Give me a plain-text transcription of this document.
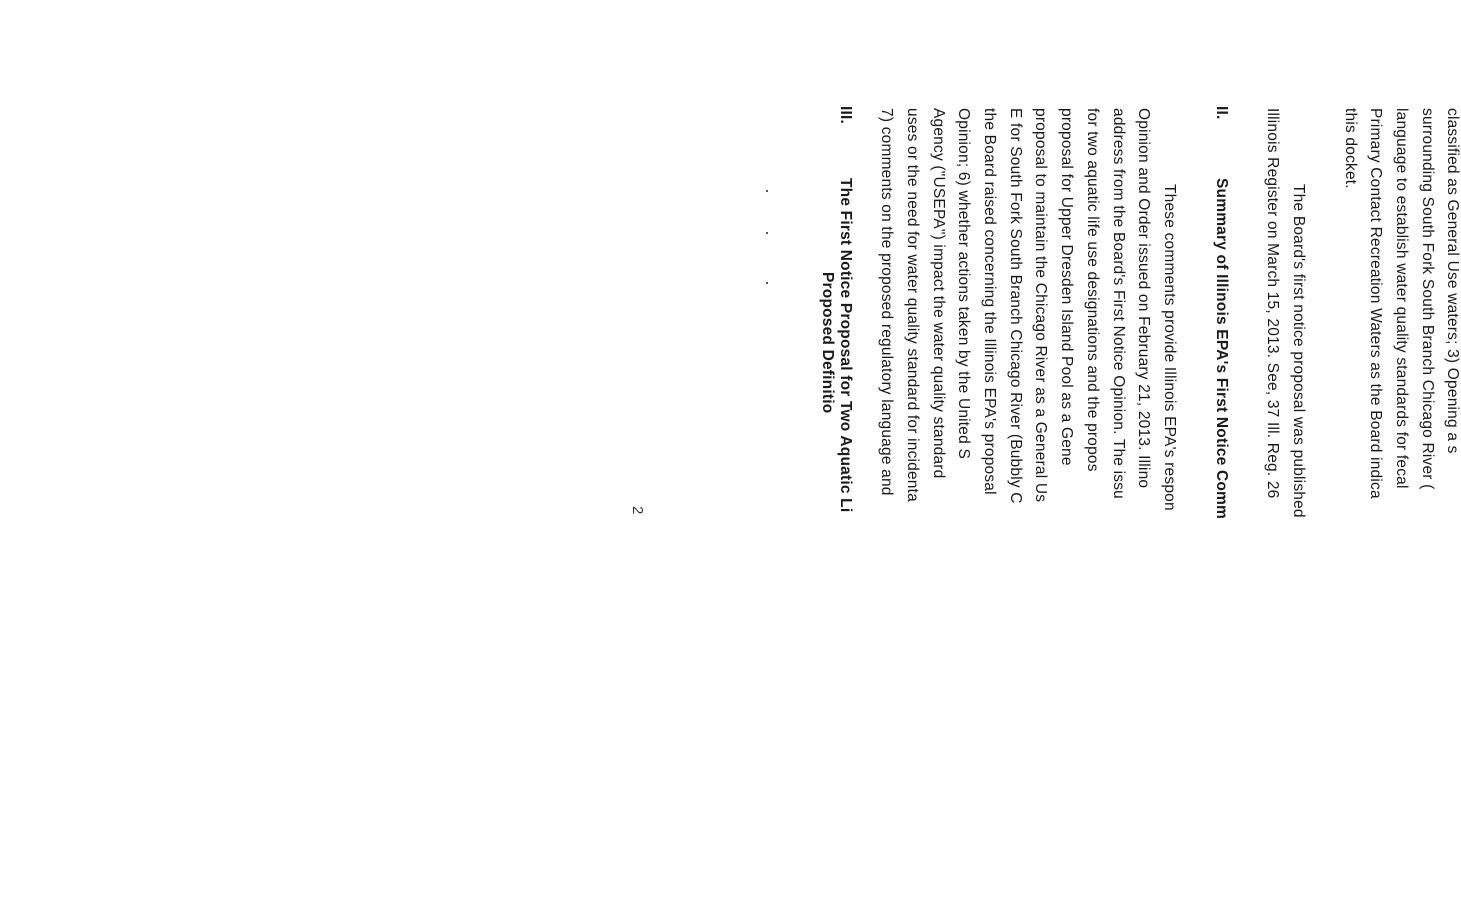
classified as General Use waters; 3) Opening a s
surrounding South Fork South Branch Chicago River (
language to establish water quality standards for fecal
Primary Contact Recreation Waters as the Board indica
this docket.
The Board's first notice proposal was published
Illinois Register on March 15, 2013. See, 37 Ill. Reg. 26
II.
Summary of Illinois EPA's First Notice Comm
These comments provide Illinois EPA's respon
Opinion and Order issued on February 21, 2013. Illino
address from the Board's First Notice Opinion. The issu
for two aquatic life use designations and the propos
proposal for Upper Dresden Island Pool as a Gene
proposal to maintain the Chicago River as a General Us
E for South Fork South Branch Chicago River (Bubbly C
the Board raised concerning the Illinois EPA's proposal
Opinion; 6) whether actions taken by the United S
Agency ("USEPA") impact the water quality standard
uses or the need for water quality standard for incidenta
7) comments on the proposed regulatory language and
III.
The First Notice Proposal for Two Aquatic Li
Proposed Definitio
2
